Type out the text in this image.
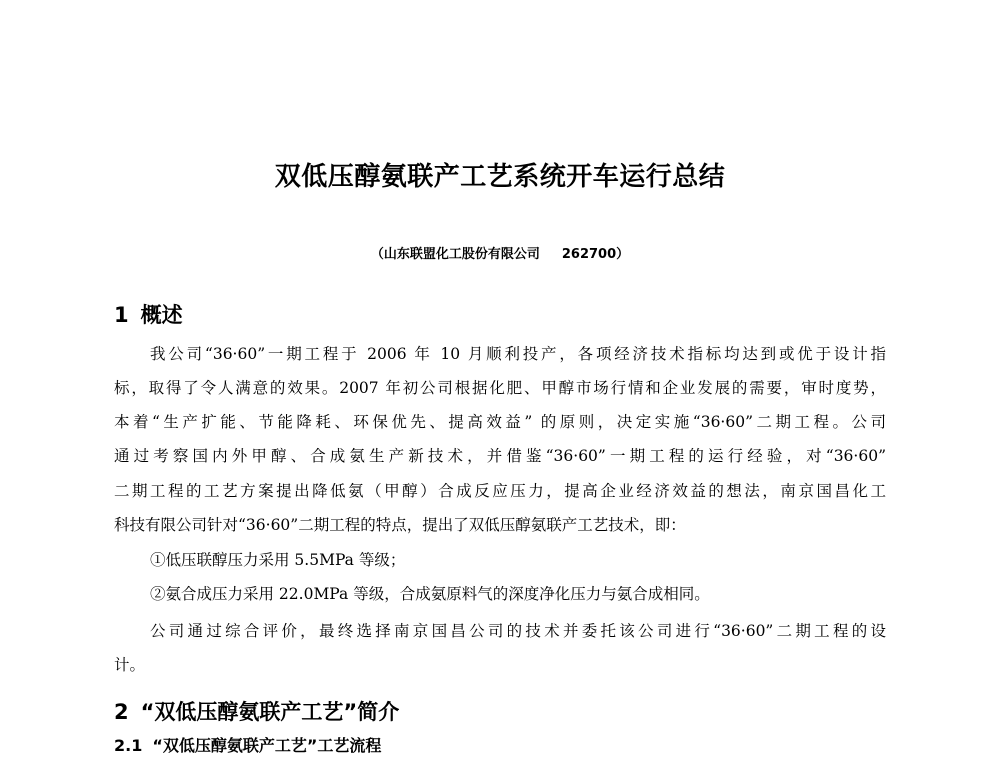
双低压醇氨联产工艺系统开车运行总结
（山东联盟化工股份有限公司 262700）
1 概述
我公司“36·60”一期工程于 2006 年 10 月顺利投产，各项经济技术指标均达到或优于设计指
标，取得了令人满意的效果。2007 年初公司根据化肥、甲醇市场行情和企业发展的需要，审时度势，
本着“生产扩能、节能降耗、环保优先、提高效益” 的原则，决定实施“36·60”二期工程。公司
通过考察国内外甲醇、合成氨生产新技术，并借鉴“36·60”一期工程的运行经验，对“36·60”
二期工程的工艺方案提出降低氨（甲醇）合成反应压力，提高企业经济效益的想法，南京国昌化工
科技有限公司针对“36·60”二期工程的特点，提出了双低压醇氨联产工艺技术，即：
①低压联醇压力采用 5.5MPa 等级；
②氨合成压力采用 22.0MPa 等级，合成氨原料气的深度净化压力与氨合成相同。
公司通过综合评价，最终选择南京国昌公司的技术并委托该公司进行“36·60”二期工程的设
计。
2 “双低压醇氨联产工艺”简介
2.1 “双低压醇氨联产工艺”工艺流程
